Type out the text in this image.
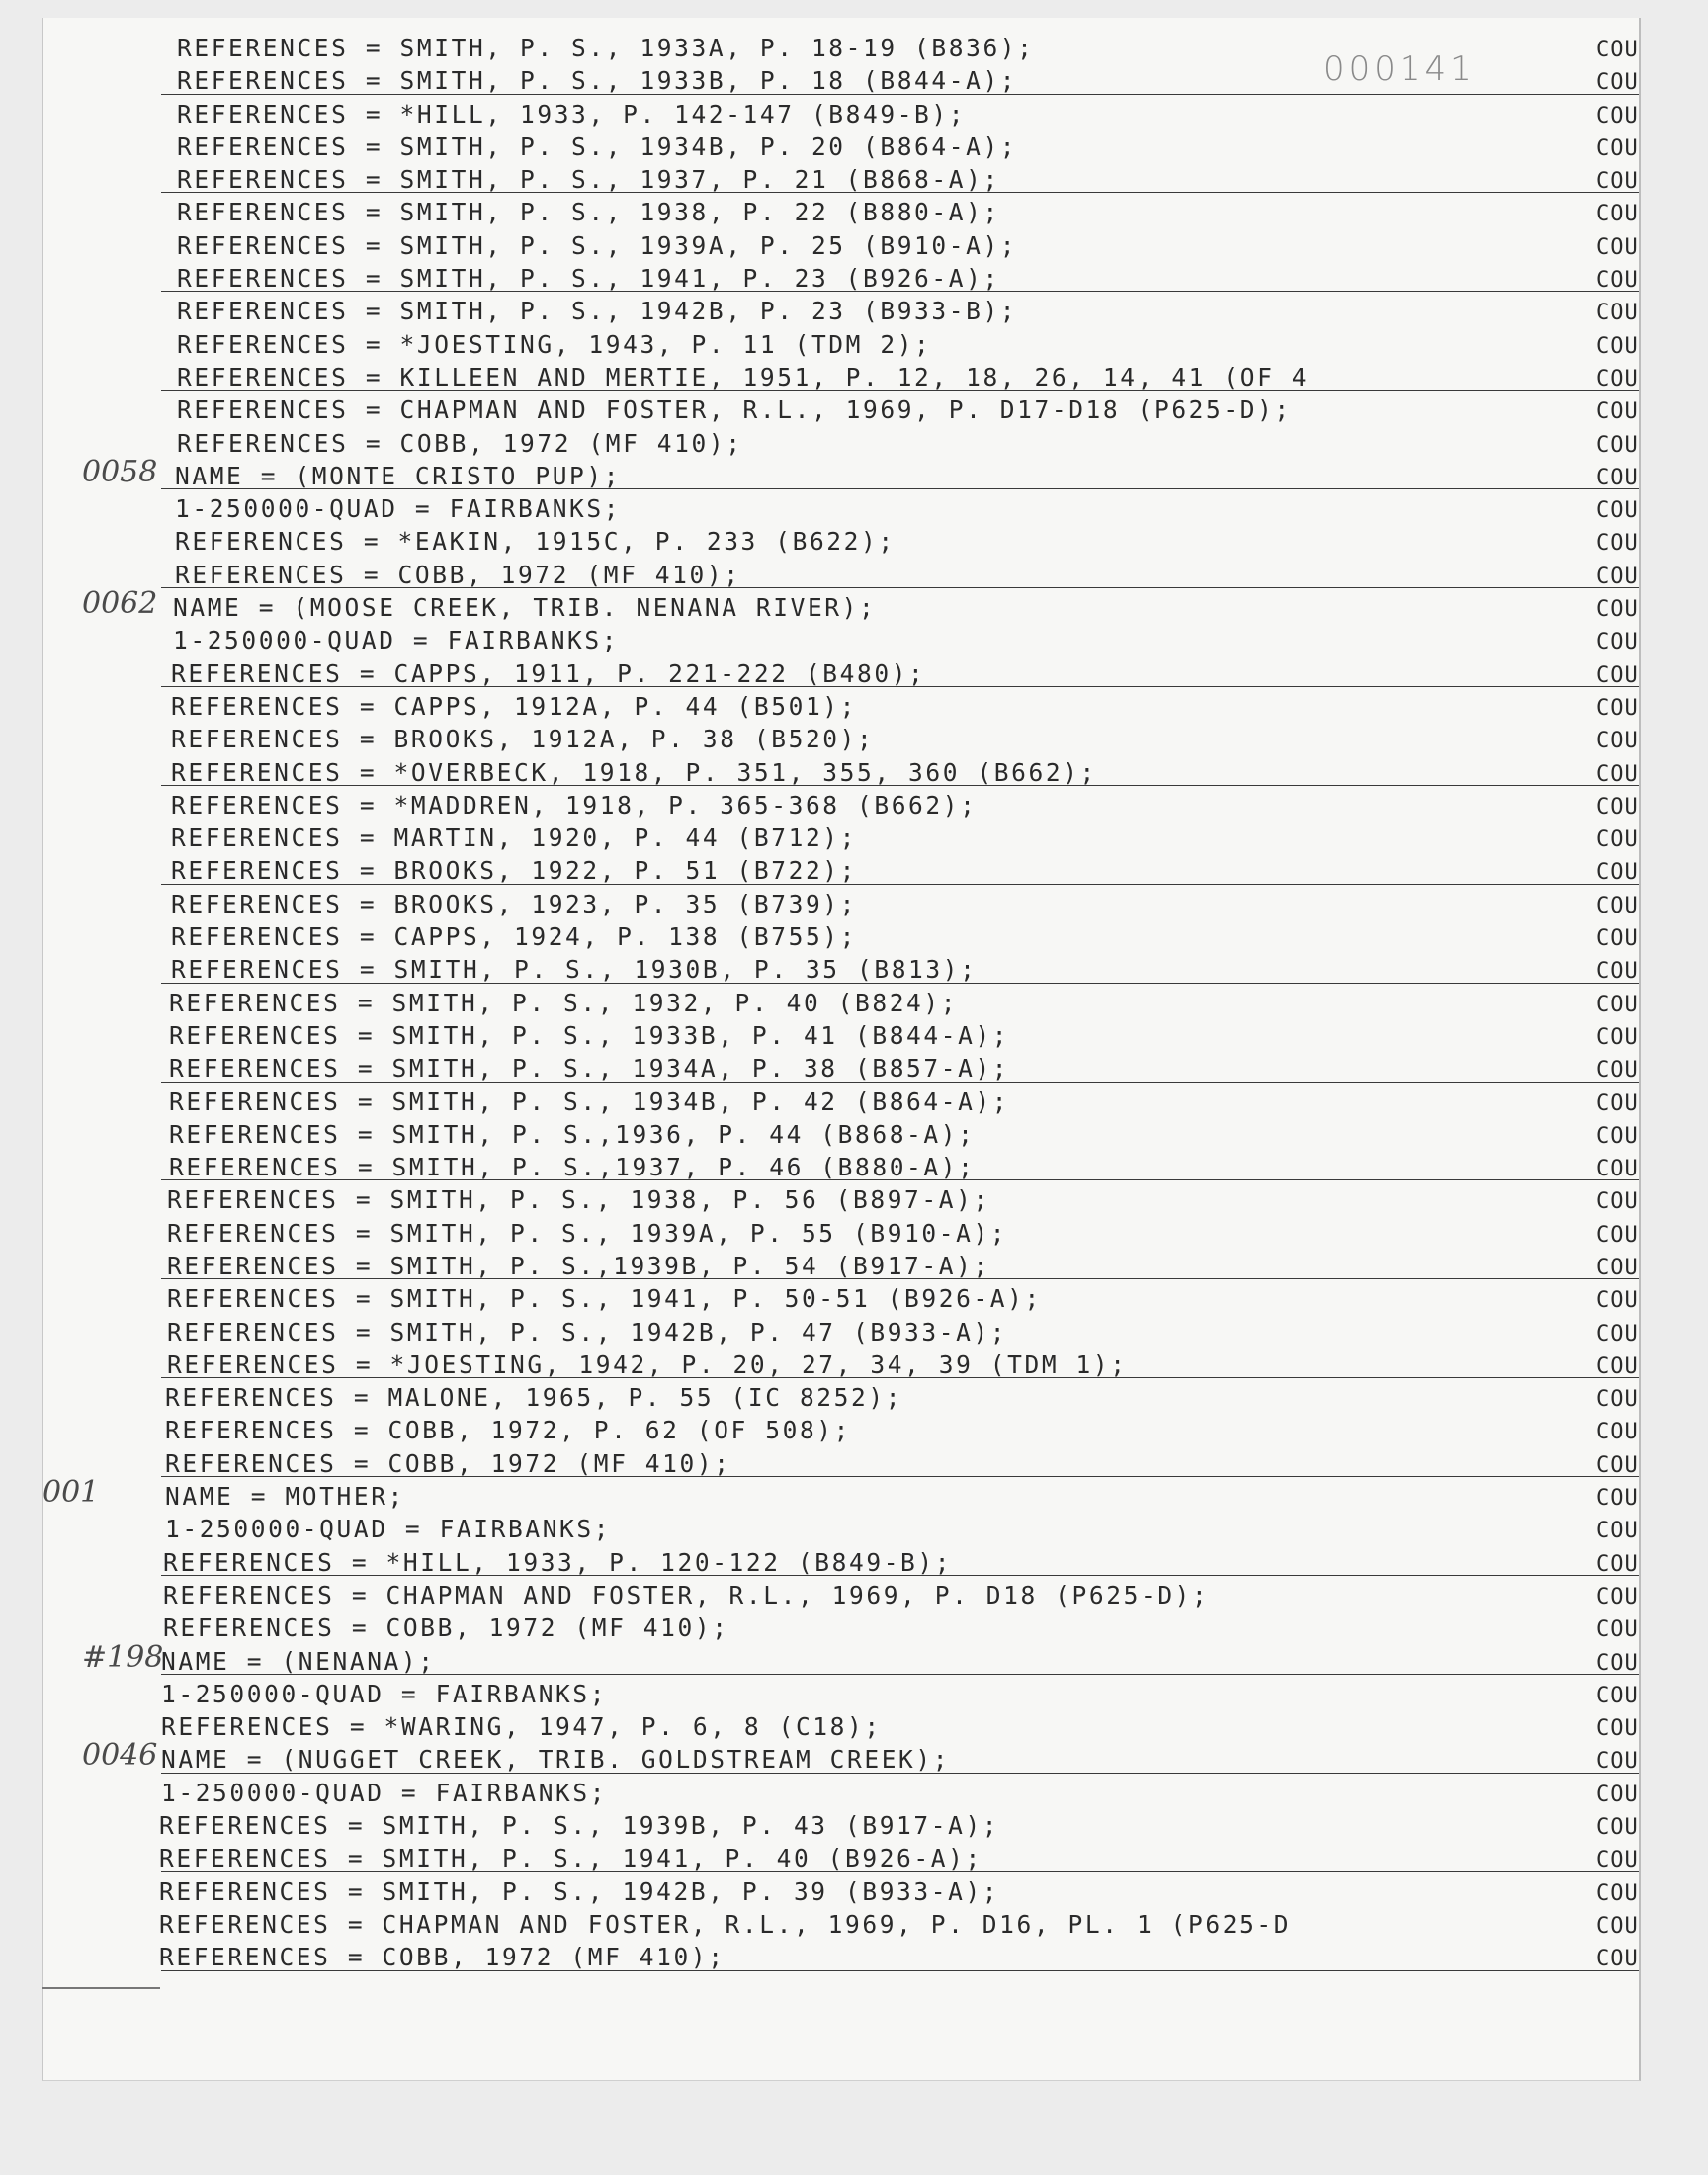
000141
REFERENCES = SMITH, P. S., 1933A, P. 18-19 (B836);	COU
REFERENCES = SMITH, P. S., 1933B, P. 18 (B844-A);	COU
REFERENCES = *HILL, 1933, P. 142-147 (B849-B);	COU
REFERENCES = SMITH, P. S., 1934B, P. 20 (B864-A);	COU
REFERENCES = SMITH, P. S., 1937, P. 21 (B868-A);	COU
REFERENCES = SMITH, P. S., 1938, P. 22 (B880-A);	COU
REFERENCES = SMITH, P. S., 1939A, P. 25 (B910-A);	COU
REFERENCES = SMITH, P. S., 1941, P. 23 (B926-A);	COU
REFERENCES = SMITH, P. S., 1942B, P. 23 (B933-B);	COU
REFERENCES = *JOESTING, 1943, P. 11 (TDM 2);	COU
REFERENCES = KILLEEN AND MERTIE, 1951, P. 12, 18, 26, 14, 41 (OF 4	COU
REFERENCES = CHAPMAN AND FOSTER, R.L., 1969, P. D17-D18 (P625-D);	COU
REFERENCES = COBB, 1972 (MF 410);	COU
0058 NAME = (MONTE CRISTO PUP);	COU
1-250000-QUAD = FAIRBANKS;	COU
REFERENCES = *EAKIN, 1915C, P. 233 (B622);	COU
REFERENCES = COBB, 1972 (MF 410);	COU
0062 NAME = (MOOSE CREEK, TRIB. NENANA RIVER);	COU
1-250000-QUAD = FAIRBANKS;	COU
REFERENCES = CAPPS, 1911, P. 221-222 (B480);	COU
REFERENCES = CAPPS, 1912A, P. 44 (B501);	COU
REFERENCES = BROOKS, 1912A, P. 38 (B520);	COU
REFERENCES = *OVERBECK, 1918, P. 351, 355, 360 (B662);	COU
REFERENCES = *MADDREN, 1918, P. 365-368 (B662);	COU
REFERENCES = MARTIN, 1920, P. 44 (B712);	COU
REFERENCES = BROOKS, 1922, P. 51 (B722);	COU
REFERENCES = BROOKS, 1923, P. 35 (B739);	COU
REFERENCES = CAPPS, 1924, P. 138 (B755);	COU
REFERENCES = SMITH, P. S., 1930B, P. 35 (B813);	COU
REFERENCES = SMITH, P. S., 1932, P. 40 (B824);	COU
REFERENCES = SMITH, P. S., 1933B, P. 41 (B844-A);	COU
REFERENCES = SMITH, P. S., 1934A, P. 38 (B857-A);	COU
REFERENCES = SMITH, P. S., 1934B, P. 42 (B864-A);	COU
REFERENCES = SMITH, P. S.,1936, P. 44 (B868-A);	COU
REFERENCES = SMITH, P. S.,1937, P. 46 (B880-A);	COU
REFERENCES = SMITH, P. S., 1938, P. 56 (B897-A);	COU
REFERENCES = SMITH, P. S., 1939A, P. 55 (B910-A);	COU
REFERENCES = SMITH, P. S.,1939B, P. 54 (B917-A);	COU
REFERENCES = SMITH, P. S., 1941, P. 50-51 (B926-A);	COU
REFERENCES = SMITH, P. S., 1942B, P. 47 (B933-A);	COU
REFERENCES = *JOESTING, 1942, P. 20, 27, 34, 39 (TDM 1);	COU
REFERENCES = MALONE, 1965, P. 55 (IC 8252);	COU
REFERENCES = COBB, 1972, P. 62 (OF 508);	COU
REFERENCES = COBB, 1972 (MF 410);	COU
001	NAME = MOTHER;	COU
1-250000-QUAD = FAIRBANKS;	COU
REFERENCES = *HILL, 1933, P. 120-122 (B849-B);	COU
REFERENCES = CHAPMAN AND FOSTER, R.L., 1969, P. D18 (P625-D);	COU
REFERENCES = COBB, 1972 (MF 410);	COU
#198
NAME = (NENANA);	COU
1-250000-QUAD = FAIRBANKS;	COU
REFERENCES = *WARING, 1947, P. 6, 8 (C18);	COU
0046 NAME = (NUGGET CREEK, TRIB. GOLDSTREAM CREEK);	COU
1-250000-QUAD = FAIRBANKS;	COU
REFERENCES = SMITH, P. S., 1939B, P. 43 (B917-A);	COU
REFERENCES = SMITH, P. S., 1941, P. 40 (B926-A);	COU
REFERENCES = SMITH, P. S., 1942B, P. 39 (B933-A);	COU
REFERENCES = CHAPMAN AND FOSTER, R.L., 1969, P. D16, PL. 1 (P625-D	COU
REFERENCES = COBB, 1972 (MF 410);	COU
